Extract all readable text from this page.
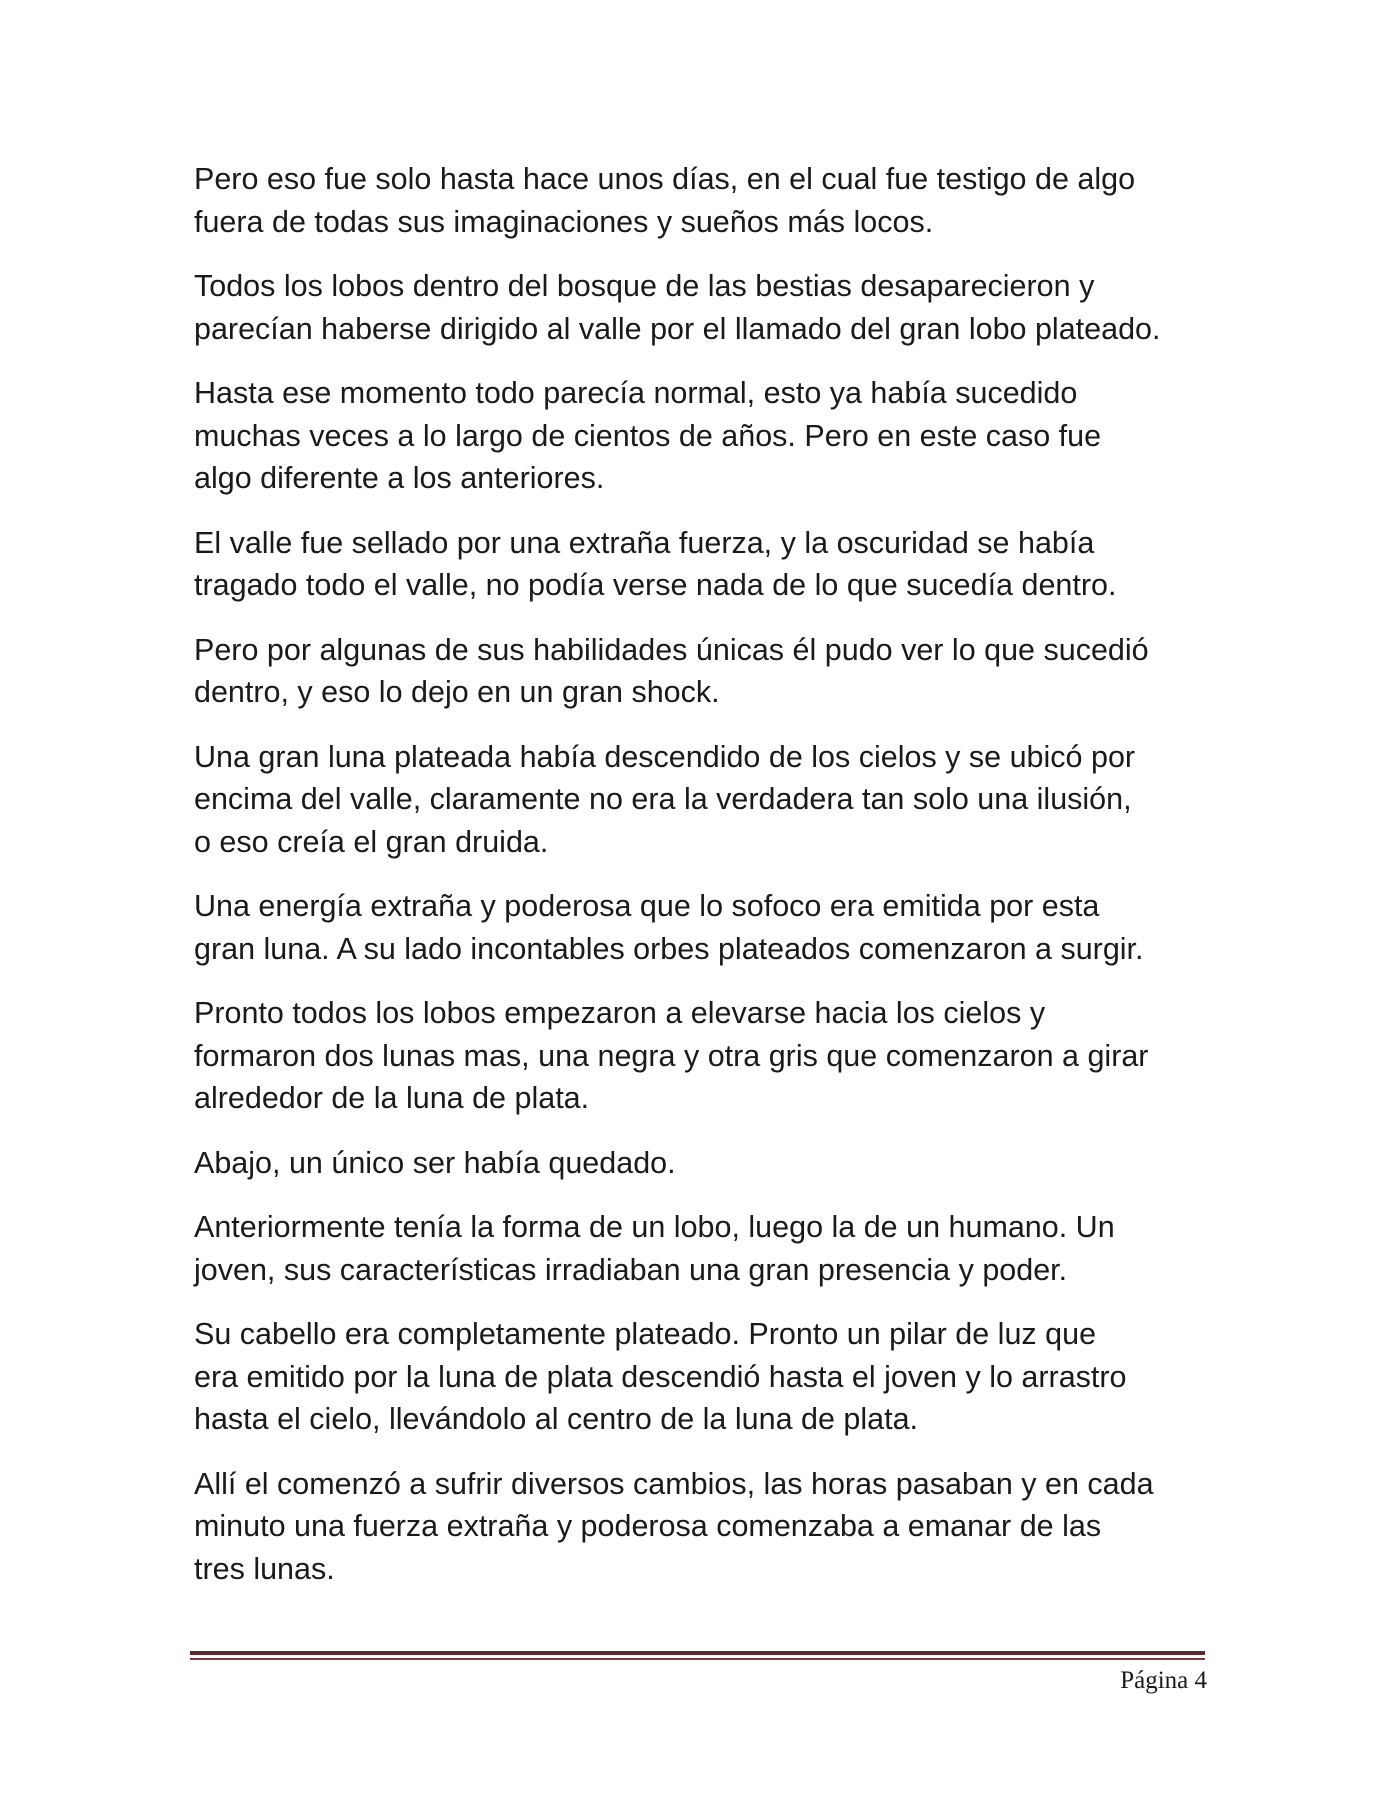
Pero eso fue solo hasta hace unos días, en el cual fue testigo de algo
fuera de todas sus imaginaciones y sueños más locos.

Todos los lobos dentro del bosque de las bestias desaparecieron y
parecían haberse dirigido al valle por el llamado del gran lobo plateado.

Hasta ese momento todo parecía normal, esto ya había sucedido
muchas veces a lo largo de cientos de años. Pero en este caso fue
algo diferente a los anteriores.

El valle fue sellado por una extraña fuerza, y la oscuridad se había
tragado todo el valle, no podía verse nada de lo que sucedía dentro.

Pero por algunas de sus habilidades únicas él pudo ver lo que sucedió
dentro, y eso lo dejo en un gran shock.

Una gran luna plateada había descendido de los cielos y se ubicó por
encima del valle, claramente no era la verdadera tan solo una ilusión,
o eso creía el gran druida.

Una energía extraña y poderosa que lo sofoco era emitida por esta
gran luna. A su lado incontables orbes plateados comenzaron a surgir.

Pronto todos los lobos empezaron a elevarse hacia los cielos y
formaron dos lunas mas, una negra y otra gris que comenzaron a girar
alrededor de la luna de plata.

Abajo, un único ser había quedado.

Anteriormente tenía la forma de un lobo, luego la de un humano. Un
joven, sus características irradiaban una gran presencia y poder.

Su cabello era completamente plateado. Pronto un pilar de luz que
era emitido por la luna de plata descendió hasta el joven y lo arrastro
hasta el cielo, llevándolo al centro de la luna de plata.

Allí el comenzó a sufrir diversos cambios, las horas pasaban y en cada
minuto una fuerza extraña y poderosa comenzaba a emanar de las
tres lunas.

Página 4
